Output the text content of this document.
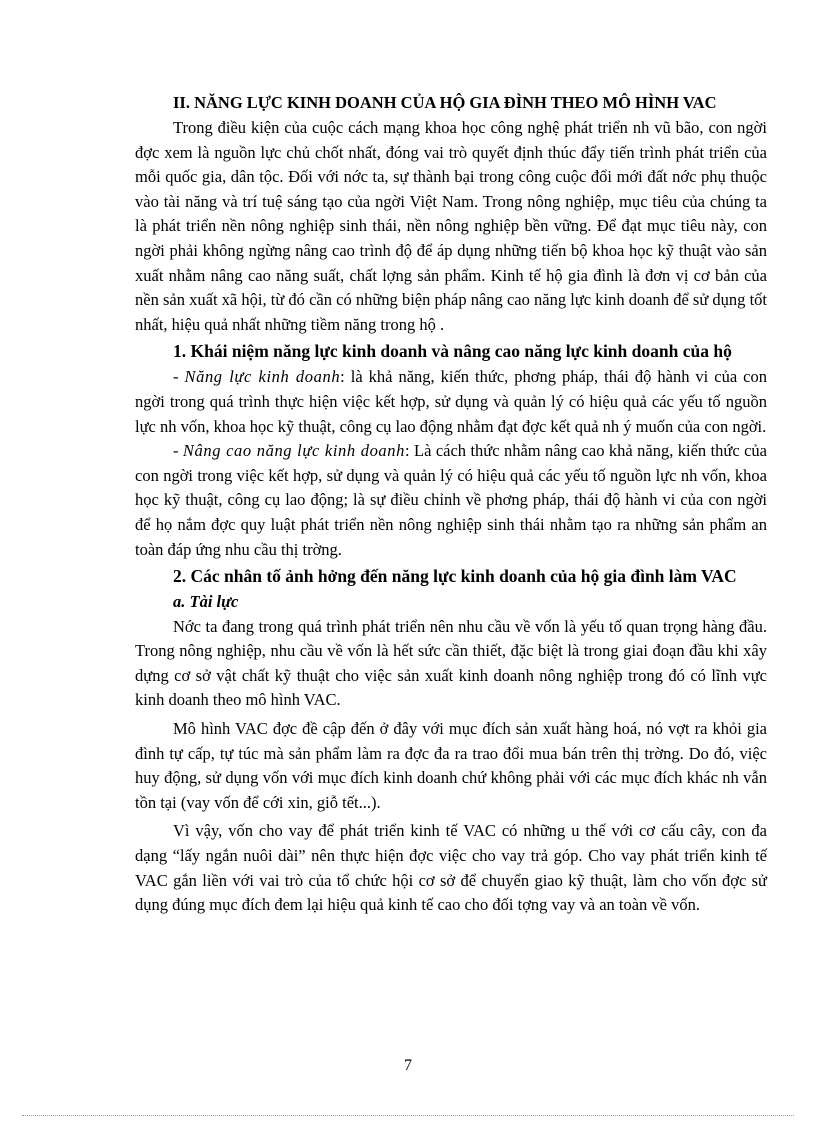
II. NĂNG LỰC KINH DOANH CỦA HỘ GIA ĐÌNH THEO MÔ HÌNH VAC

Trong điều kiện của cuộc cách mạng khoa học công nghệ phát triển nh vũ bão, con ngời đợc xem là nguồn lực chủ chốt nhất, đóng vai trò quyết định thúc đẩy tiến trình phát triển của mỗi quốc gia, dân tộc. Đối với nớc ta, sự thành bại trong công cuộc đổi mới đất nớc phụ thuộc vào tài năng và trí tuệ sáng tạo của ngời Việt Nam. Trong nông nghiệp, mục tiêu của chúng ta là phát triển nền nông nghiệp sinh thái, nền nông nghiệp bền vững. Để đạt mục tiêu này, con ngời phải không ngừng nâng cao trình độ để áp dụng những tiến bộ khoa học kỹ thuật vào sản xuất nhằm nâng cao năng suất, chất lợng sản phẩm. Kinh tế hộ gia đình là đơn vị cơ bản của nền sản xuất xã hội, từ đó cần có những biện pháp nâng cao năng lực kinh doanh để sử dụng tốt nhất, hiệu quả nhất những tiềm năng trong hộ .

1. Khái niệm năng lực kinh doanh và nâng cao năng lực kinh doanh của hộ

- Năng lực kinh doanh: là khả năng, kiến thức, phơng pháp, thái độ hành vi của con ngời trong quá trình thực hiện việc kết hợp, sử dụng và quản lý có hiệu quả các yếu tố nguồn lực nh vốn, khoa học kỹ thuật, công cụ lao động nhằm đạt đợc kết quả nh ý muốn của con ngời.

- Nâng cao năng lực kinh doanh: Là cách thức nhằm nâng cao khả năng, kiến thức của con ngời trong việc kết hợp, sử dụng và quản lý có hiệu quả các yếu tố nguồn lực nh vốn, khoa học kỹ thuật, công cụ lao động; là sự điều chỉnh về phơng pháp, thái độ hành vi của con ngời để họ nắm đợc quy luật phát triển nền nông nghiệp sinh thái nhằm tạo ra những sản phẩm an toàn đáp ứng nhu cầu thị trờng.

2. Các nhân tố ảnh hởng đến năng lực kinh doanh của hộ gia đình làm VAC
a. Tài lực

Nớc ta đang trong quá trình phát triển nên nhu cầu về vốn là yếu tố quan trọng hàng đầu. Trong nông nghiệp, nhu cầu về vốn là hết sức cần thiết, đặc biệt là trong giai đoạn đầu khi xây dựng cơ sở vật chất kỹ thuật cho việc sản xuất kinh doanh nông nghiệp trong đó có lĩnh vực kinh doanh theo mô hình VAC.

Mô hình VAC đợc đề cập đến ở đây với mục đích sản xuất hàng hoá, nó vợt ra khỏi gia đình tự cấp, tự túc mà sản phẩm làm ra đợc đa ra trao đổi mua bán trên thị trờng. Do đó, việc huy động, sử dụng vốn với mục đích kinh doanh chứ không phải với các mục đích khác nh vẫn tồn tại (vay vốn để cới xin, giỗ tết...).

Vì vậy, vốn cho vay để phát triển kinh tế VAC có những u thế với cơ cấu cây, con đa dạng “lấy ngắn nuôi dài” nên thực hiện đợc việc cho vay trả góp. Cho vay phát triển kinh tế VAC gắn liền với vai trò của tổ chức hội cơ sở để chuyển giao kỹ thuật, làm cho vốn đợc sử dụng đúng mục đích đem lại hiệu quả kinh tế cao cho đối tợng vay và an toàn về vốn.

7
